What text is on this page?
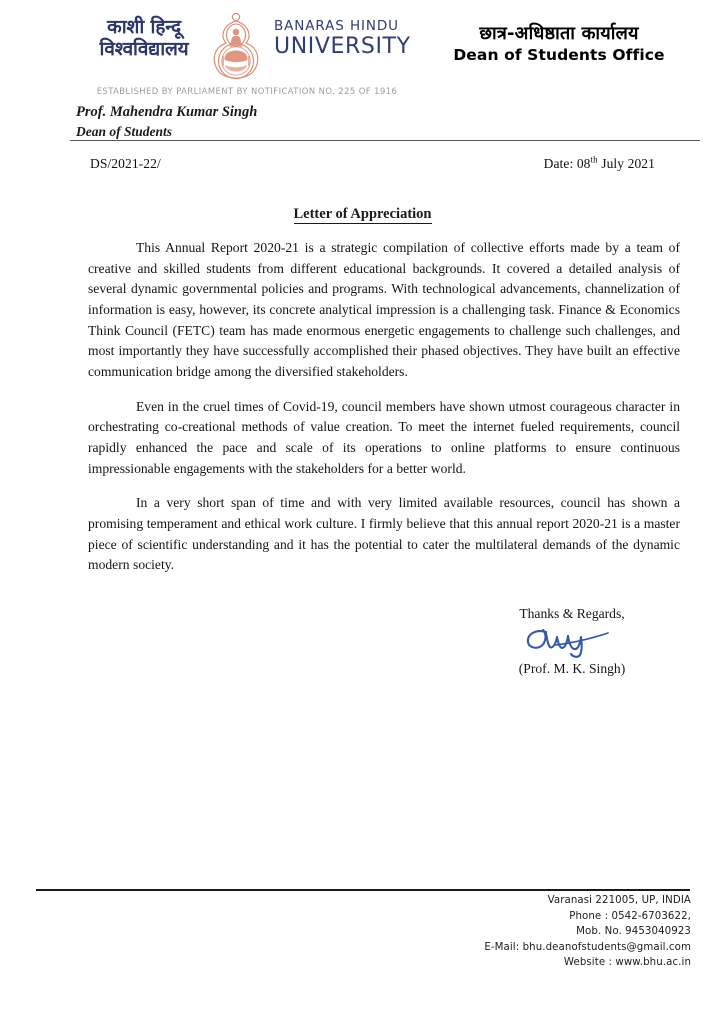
काशी हिन्दू
विश्वविद्यालय
BANARAS HINDU
UNIVERSITY
ESTABLISHED BY PARLIAMENT BY NOTIFICATION NO. 225 OF 1916
छात्र-अधिष्ठाता कार्यालय
Dean of Students Office
Prof. Mahendra Kumar Singh
Dean of Students
DS/2021-22/	Date: 08th July 2021
Letter of Appreciation

This Annual Report 2020-21 is a strategic compilation of collective efforts made by a team of creative and skilled students from different educational backgrounds. It covered a detailed analysis of several dynamic governmental policies and programs. With technological advancements, channelization of information is easy, however, its concrete analytical impression is a challenging task. Finance & Economics Think Council (FETC) team has made enormous energetic engagements to challenge such challenges, and most importantly they have successfully accomplished their phased objectives. They have built an effective communication bridge among the diversified stakeholders.

Even in the cruel times of Covid-19, council members have shown utmost courageous character in orchestrating co-creational methods of value creation. To meet the internet fueled requirements, council rapidly enhanced the pace and scale of its operations to online platforms to ensure continuous impressionable engagements with the stakeholders for a better world.

In a very short span of time and with very limited available resources, council has shown a promising temperament and ethical work culture. I firmly believe that this annual report 2020-21 is a master piece of scientific understanding and it has the potential to cater the multilateral demands of the dynamic modern society.

Thanks & Regards,
(Prof. M. K. Singh)
Varanasi 221005, UP, INDIA
Phone : 0542-6703622,
Mob. No. 9453040923
E-Mail: bhu.deanofstudents@gmail.com
Website : www.bhu.ac.in
